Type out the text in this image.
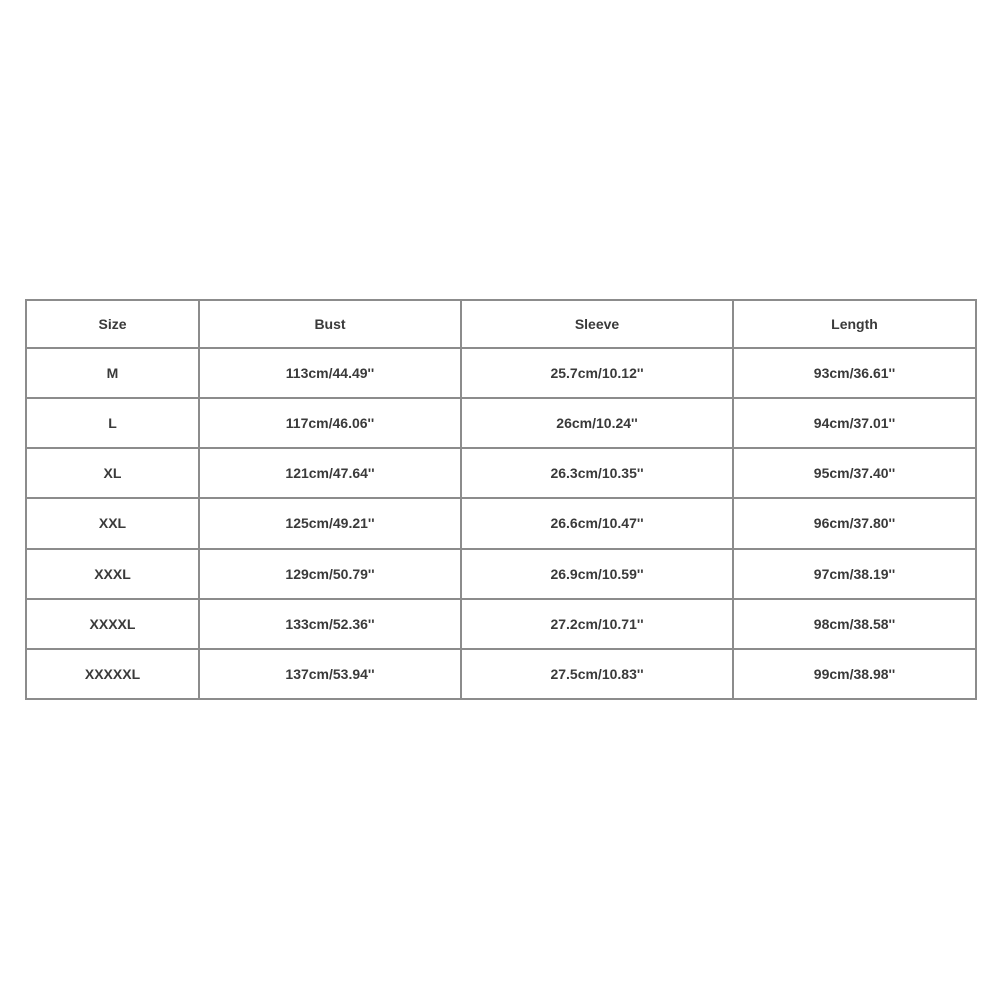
Size	Bust	Sleeve	Length
M	113cm/44.49''	25.7cm/10.12''	93cm/36.61''
L	117cm/46.06''	26cm/10.24''	94cm/37.01''
XL	121cm/47.64''	26.3cm/10.35''	95cm/37.40''
XXL	125cm/49.21''	26.6cm/10.47''	96cm/37.80''
XXXL	129cm/50.79''	26.9cm/10.59''	97cm/38.19''
XXXXL	133cm/52.36''	27.2cm/10.71''	98cm/38.58''
XXXXXL	137cm/53.94''	27.5cm/10.83''	99cm/38.98''
